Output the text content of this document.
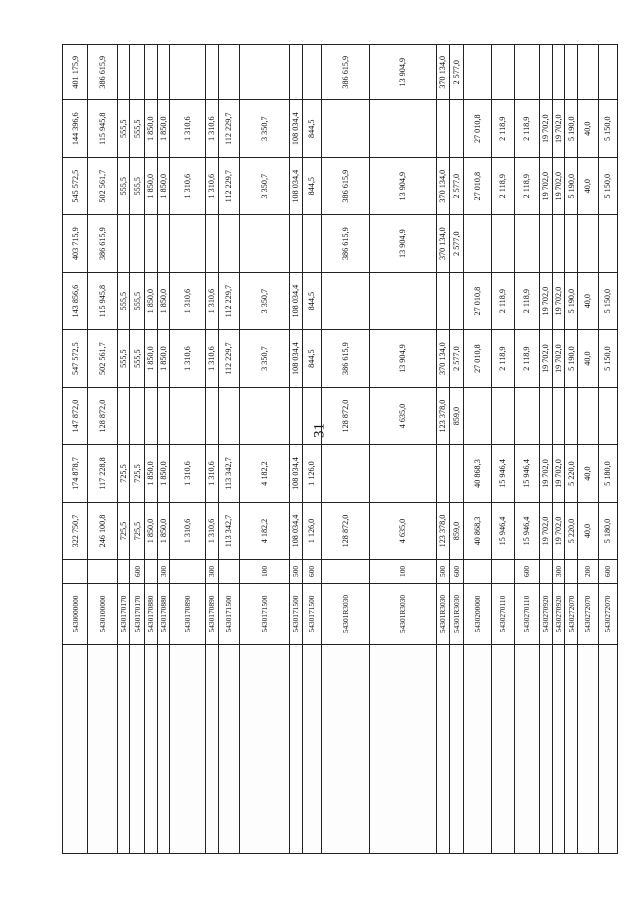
31
	5430000000		322 750,7	174 878,7	147 872,0	547 572,5	143 856,6	403 715,9	545 572,5	144 396,6	401 175,9
	5430100000		246 100,8	117 228,8	128 872,0	502 561,7	115 945,8	386 615,9	502 561,7	115 945,8	386 615,9
	5430170170		725,5	725,5		555,5	555,5		555,5	555,5	
	5430170170	600	725,5	725,5		555,5	555,5		555,5	555,5	
	5430170880		1 850,0	1 850,0		1 850,0	1 850,0		1 850,0	1 850,0	
	5430170880	300	1 850,0	1 850,0		1 850,0	1 850,0		1 850,0	1 850,0	
	5430170890		1 310,6	1 310,6		1 310,6	1 310,6		1 310,6	1 310,6	
	5430170890	300	1 310,6	1 310,6		1 310,6	1 310,6		1 310,6	1 310,6	
	5430171500		113 342,7	113 342,7		112 229,7	112 229,7		112 229,7	112 229,7	
	5430171500	100	4 182,2	4 182,2		3 350,7	3 350,7		3 350,7	3 350,7	
	5430171500	500	108 034,4	108 034,4		108 034,4	108 034,4		108 034,4	108 034,4	
	5430171500	600	1 126,0	1 126,0		844,5	844,5		844,5	844,5	
	54301R3030		128 872,0		128 872,0	386 615,9		386 615,9	386 615,9		386 615,9
	54301R3030	100	4 635,0		4 635,0	13 904,9		13 904,9	13 904,9		13 904,9
	54301R3030	500	123 378,0		123 378,0	370 134,0		370 134,0	370 134,0		370 134,0
	54301R3030	600	859,0		859,0	2 577,0		2 577,0	2 577,0		2 577,0
	5430200000		40 868,3	40 868,3		27 010,8	27 010,8		27 010,8	27 010,8	
	5430270110		15 946,4	15 946,4		2 118,9	2 118,9		2 118,9	2 118,9	
	5430270110	600	15 946,4	15 946,4		2 118,9	2 118,9		2 118,9	2 118,9	
	5430270920		19 702,0	19 702,0		19 702,0	19 702,0		19 702,0	19 702,0	
	5430270920	300	19 702,0	19 702,0		19 702,0	19 702,0		19 702,0	19 702,0	
	5430272070		5 220,0	5 220,0		5 190,0	5 190,0		5 190,0	5 190,0	
	5430272070	200	40,0	40,0		40,0	40,0		40,0	40,0	
	5430272070	600	5 180,0	5 180,0		5 150,0	5 150,0		5 150,0	5 150,0	
